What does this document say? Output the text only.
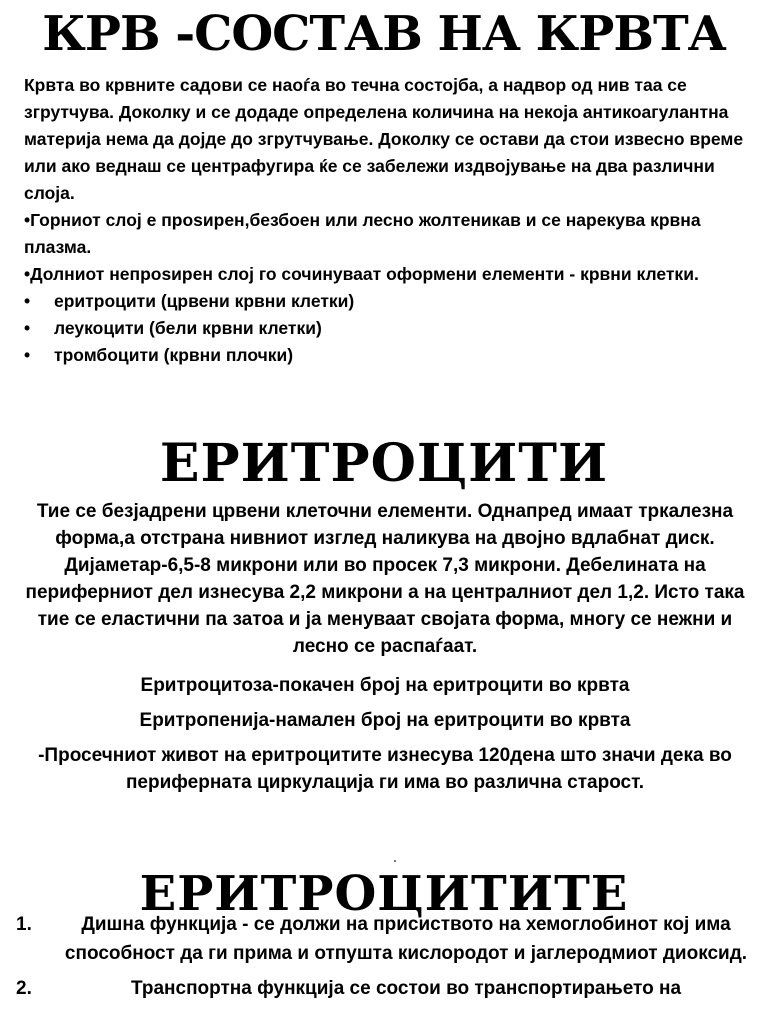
КРВ -СОСТАВ НА КРВТА

Крвта во крвните садови се наоѓа во течна состојба, а надвор од нив таа се згрутчува. Доколку и се додаде определена количина на некоја антикоагулантна материја нема да дојде до згрутчување. Доколку се остави да стои извесно време или ако веднаш се центрафугира ќе се забележи издвојување на два различни слоја.

•Горниот слој е проѕирен,безбоен или лесно жолтеникав и се нарекува крвна плазма.

•Долниот непроѕирен слој го сочинуваат оформени елементи - крвни клетки.

• еритроцити (црвени крвни клетки)
• леукоцити (бели крвни клетки)
• тромбоцити (крвни плочки)
ЕРИТРОЦИТИ

Тие се безјадрени црвени клеточни елементи. Однапред имаат тркалезна форма,а отстрана нивниот изглед наликува на двојно вдлабнат диск. Дијаметар-6,5-8 микрони или во просек 7,3 микрони. Дебелината на периферниот дел изнесува 2,2 микрони а на централниот дел 1,2. Исто така тие се еластични па затоа и ја менуваат својата форма, многу се нежни и лесно се распаѓаат.

Еритроцитоза-покачен број на еритроцити во крвта

Еритропенија-намален број на еритроцити во крвта

-Просечниот живот на еритроцитите изнесува 120дена што значи дека во периферната циркулација ги има во различна старост.

ЕРИТРОЦИТИТЕ
1.	Дишна функција - се должи на присиството на хемоглобинот кој има способност да ги прима и отпушта кислородот и јаглеродмиот диоксид.
2.	Транспортна функција се состои во транспортирањето на
